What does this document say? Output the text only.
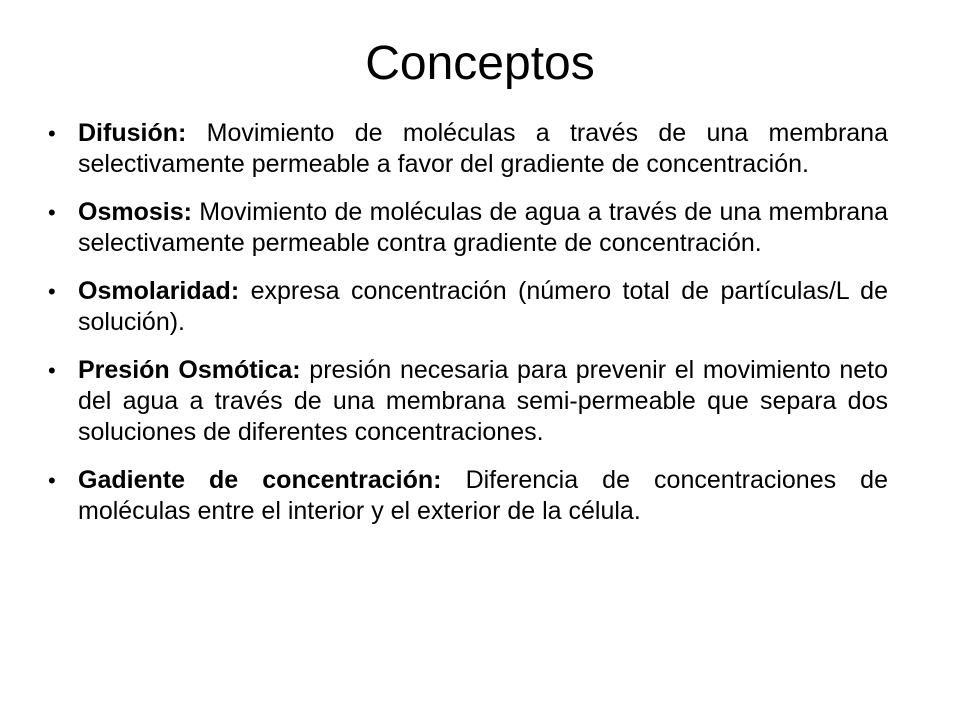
Conceptos
• Difusión: Movimiento de moléculas a través de una membrana selectivamente permeable a favor del gradiente de concentración.
• Osmosis: Movimiento de moléculas de agua a través de una membrana selectivamente permeable contra gradiente de concentración.
• Osmolaridad: expresa concentración (número total de partículas/L de solución).
• Presión Osmótica: presión necesaria para prevenir el movimiento neto del agua a través de una membrana semi-permeable que separa dos soluciones de diferentes concentraciones.
• Gadiente de concentración: Diferencia de concentraciones de moléculas entre el interior y el exterior de la célula.
